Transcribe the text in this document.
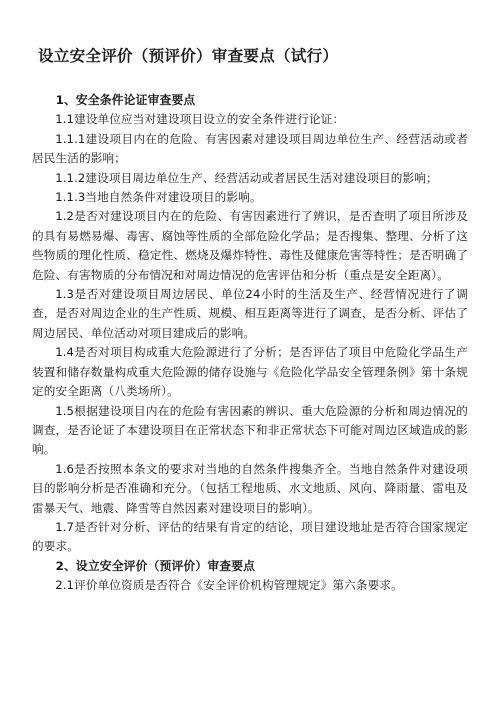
设立安全评价（预评价）审查要点（试行）

1、安全条件论证审查要点

1.1建设单位应当对建设项目设立的安全条件进行论证：

1.1.1建设项目内在的危险、有害因素对建设项目周边单位生产、经营活动或者居民生活的影响；

1.1.2建设项目周边单位生产、经营活动或者居民生活对建设项目的影响；

1.1.3当地自然条件对建设项目的影响。

1.2是否对建设项目内在的危险、有害因素进行了辨识，是否查明了项目所涉及的具有易燃易爆、毒害、腐蚀等性质的全部危险化学品；是否搜集、整理、分析了这些物质的理化性质、稳定性、燃烧及爆炸特性、毒性及健康危害等特性；是否明确了危险、有害物质的分布情况和对周边情况的危害评估和分析（重点是安全距离）。

1.3是否对建设项目周边居民、单位24小时的生活及生产、经营情况进行了调查，是否对周边企业的生产性质、规模、相互距离等进行了调查，是否分析、评估了周边居民、单位活动对项目建成后的影响。

1.4是否对项目构成重大危险源进行了分析；是否评估了项目中危险化学品生产装置和储存数量构成重大危险源的储存设施与《危险化学品安全管理条例》第十条规定的安全距离（八类场所）。

1.5根据建设项目内在的危险有害因素的辨识、重大危险源的分析和周边情况的调查，是否论证了本建设项目在正常状态下和非正常状态下可能对周边区域造成的影响。

1.6是否按照本条文的要求对当地的自然条件搜集齐全。当地自然条件对建设项目的影响分析是否准确和充分。（包括工程地质、水文地质、风向、降雨量、雷电及雷暴天气、地震、降雪等自然因素对建设项目的影响）。

1.7是否针对分析、评估的结果有肯定的结论，项目建设地址是否符合国家规定的要求。

2、设立安全评价（预评价）审查要点

2.1评价单位资质是否符合《安全评价机构管理规定》第六条要求。
